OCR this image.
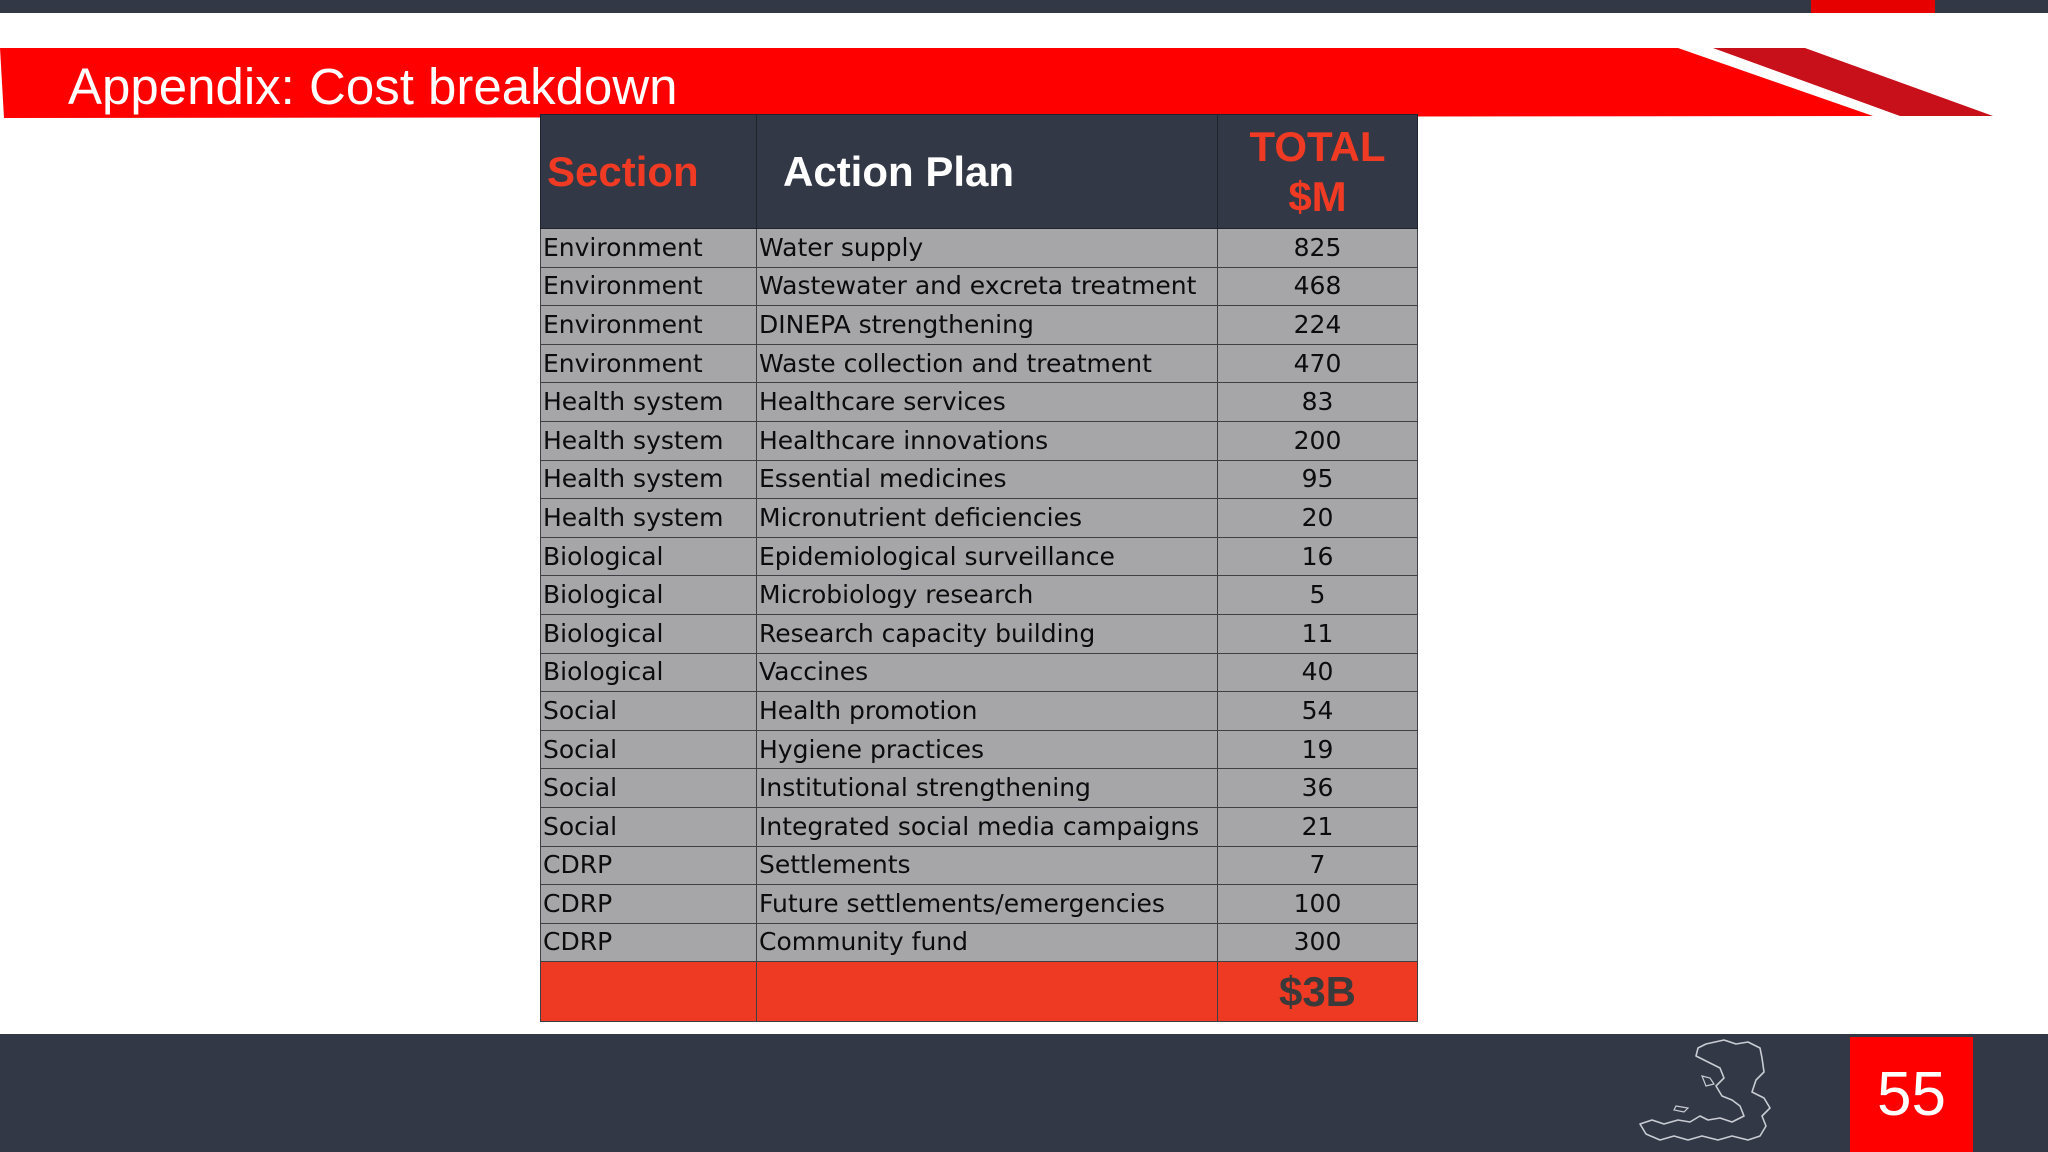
Appendix: Cost breakdown
Section	Action Plan	TOTAL
$M
Environment	Water supply	825
Environment	Wastewater and excreta treatment	468
Environment	DINEPA strengthening	224
Environment	Waste collection and treatment	470
Health system	Healthcare services	83
Health system	Healthcare innovations	200
Health system	Essential medicines	95
Health system	Micronutrient deficiencies	20
Biological	Epidemiological surveillance	16
Biological	Microbiology research	5
Biological	Research capacity building	11
Biological	Vaccines	40
Social	Health promotion	54
Social	Hygiene practices	19
Social	Institutional strengthening	36
Social	Integrated social media campaigns	21
CDRP	Settlements	7
CDRP	Future settlements/emergencies	100
CDRP	Community fund	300
		$3B
55
